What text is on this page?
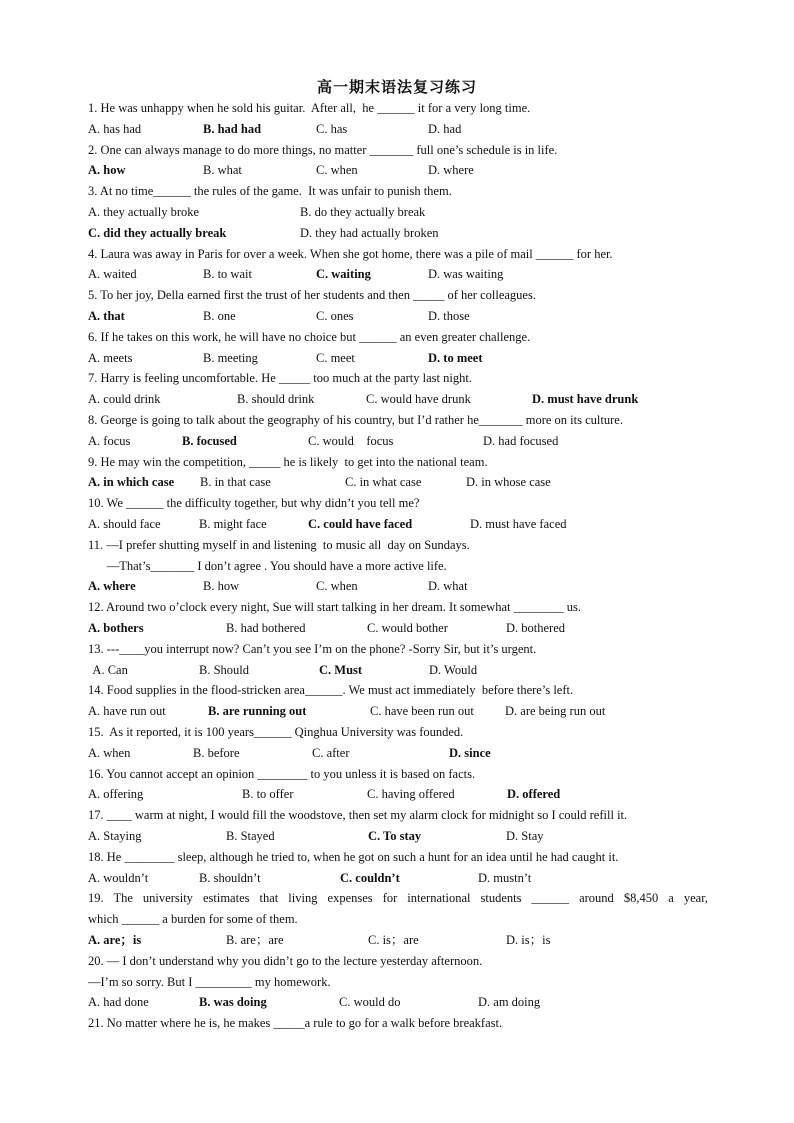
高一期末语法复习练习
1. He was unhappy when he sold his guitar.  After all,  he ______ it for a very long time.
A. has had	B. had had	C. has	D. had
2. One can always manage to do more things, no matter _______ full one’s schedule is in life.
A. how	B. what	C. when	D. where
3. At no time______ the rules of the game.  It was unfair to punish them.
A. they actually broke	B. do they actually break
C. did they actually break	D. they had actually broken
4. Laura was away in Paris for over a week. When she got home, there was a pile of mail ______ for her.
A. waited	B. to wait	C. waiting	D. was waiting
5. To her joy, Della earned first the trust of her students and then _____ of her colleagues.
A. that	B. one	C. ones	D. those
6. If he takes on this work, he will have no choice but ______ an even greater challenge.
A. meets	B. meeting	C. meet	D. to meet
7. Harry is feeling uncomfortable. He _____ too much at the party last night.
A. could drink	B. should drink	C. would have drunk	D. must have drunk
8. George is going to talk about the geography of his country, but I’d rather he_______ more on its culture.
A. focus	B. focused	C. would    focus	D. had focused
9. He may win the competition, _____ he is likely  to get into the national team.
A. in which case B. in that case	C. in what case	D. in whose case
10. We ______ the difficulty together, but why didn’t you tell me?
A. should face	B. might face	C. could have faced	D. must have faced
11. —I prefer shutting myself in and listening  to music all  day on Sundays.
—That’s_______ I don’t agree . You should have a more active life.
A. where	B. how	C. when	D. what
12. Around two o’clock every night, Sue will start talking in her dream. It somewhat ________ us.
A. bothers	B. had bothered	C. would bother	D. bothered
13. ---____you interrupt now? Can’t you see I’m on the phone? -Sorry Sir, but it’s urgent.
A. Can	B. Should	C. Must	D. Would
14. Food supplies in the flood-stricken area______. We must act immediately  before there’s left.
A. have run out	B. are running out	C. have been run out D. are being run out
15.  As it reported, it is 100 years______ Qinghua University was founded.
A. when	B. before	C. after	D. since
16. You cannot accept an opinion ________ to you unless it is based on facts.
A. offering	B. to offer	C. having offered	D. offered
17. ____ warm at night, I would fill the woodstove, then set my alarm clock for midnight so I could refill it.
A. Staying	B. Stayed	C. To stay	D. Stay
18. He ________ sleep, although he tried to, when he got on such a hunt for an idea until he had caught it.
A. wouldn’t	B. shouldn’t	C. couldn’t	D. mustn’t
19. The university estimates that living expenses for international students ______ around $8,450 a year,
which ______ a burden for some of them.
A. are；is	B. are；are	C. is；are	D. is；is
20. — I don’t understand why you didn’t go to the lecture yesterday afternoon.
—I’m so sorry. But I _________ my homework.
A. had done	B. was doing	C. would do	D. am doing
21. No matter where he is, he makes _____a rule to go for a walk before breakfast.
